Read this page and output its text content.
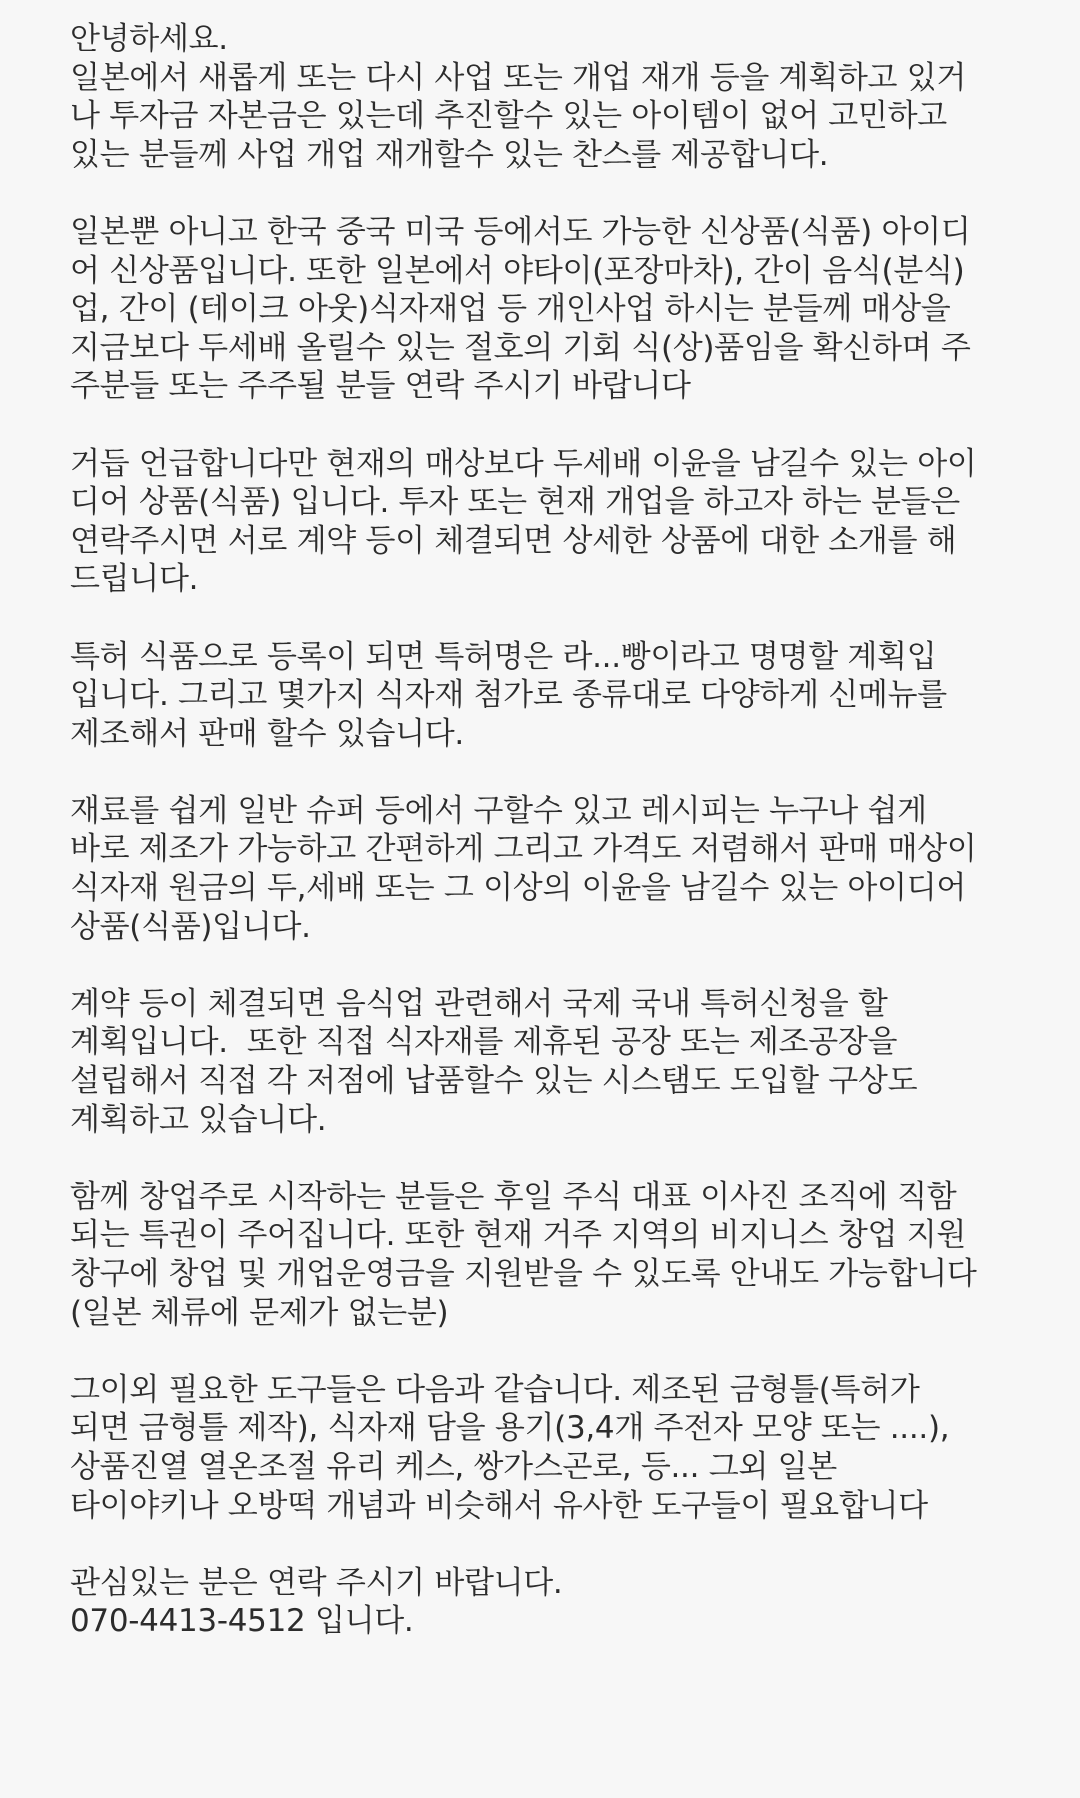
안녕하세요.
일본에서 새롭게 또는 다시 사업 또는 개업 재개 등을 계획하고 있거
나 투자금 자본금은 있는데 추진할수 있는 아이템이 없어 고민하고
있는 분들께 사업 개업 재개할수 있는 찬스를 제공합니다.
일본뿐 아니고 한국 중국 미국 등에서도 가능한 신상품(식품) 아이디
어 신상품입니다. 또한 일본에서 야타이(포장마차), 간이 음식(분식)
업, 간이 (테이크 아웃)식자재업 등 개인사업 하시는 분들께 매상을
지금보다 두세배 올릴수 있는 절호의 기회 식(상)품임을 확신하며 주
주분들 또는 주주될 분들 연락 주시기 바랍니다
거듭 언급합니다만 현재의 매상보다 두세배 이윤을 남길수 있는 아이
디어 상품(식품) 입니다. 투자 또는 현재 개업을 하고자 하는 분들은
연락주시면 서로 계약 등이 체결되면 상세한 상품에 대한 소개를 해
드립니다.
특허 식품으로 등록이 되면 특허명은 라...빵이라고 명명할 계획입
입니다. 그리고 몇가지 식자재 첨가로 종류대로 다양하게 신메뉴를
제조해서 판매 할수 있습니다.
재료를 쉽게 일반 슈퍼 등에서 구할수 있고 레시피는 누구나 쉽게
바로 제조가 가능하고 간편하게 그리고 가격도 저렴해서 판매 매상이
식자재 원금의 두,세배 또는 그 이상의 이윤을 남길수 있는 아이디어
상품(식품)입니다.
계약 등이 체결되면 음식업 관련해서 국제 국내 특허신청을 할
계획입니다.  또한 직접 식자재를 제휴된 공장 또는 제조공장을
설립해서 직접 각 저점에 납품할수 있는 시스탬도 도입할 구상도
계획하고 있습니다.
함께 창업주로 시작하는 분들은 후일 주식 대표 이사진 조직에 직함
되는 특권이 주어집니다. 또한 현재 거주 지역의 비지니스 창업 지원
창구에 창업 및 개업운영금을 지원받을 수 있도록 안내도 가능합니다
(일본 체류에 문제가 없는분)
그이외 필요한 도구들은 다음과 같습니다. 제조된 금형틀(특허가
되면 금형틀 제작), 식자재 담을 용기(3,4개 주전자 모양 또는 ....),
상품진열 열온조절 유리 케스, 쌍가스곤로, 등... 그외 일본
타이야키나 오방떡 개념과 비슷해서 유사한 도구들이 필요합니다
관심있는 분은 연락 주시기 바랍니다.
070-4413-4512 입니다.
